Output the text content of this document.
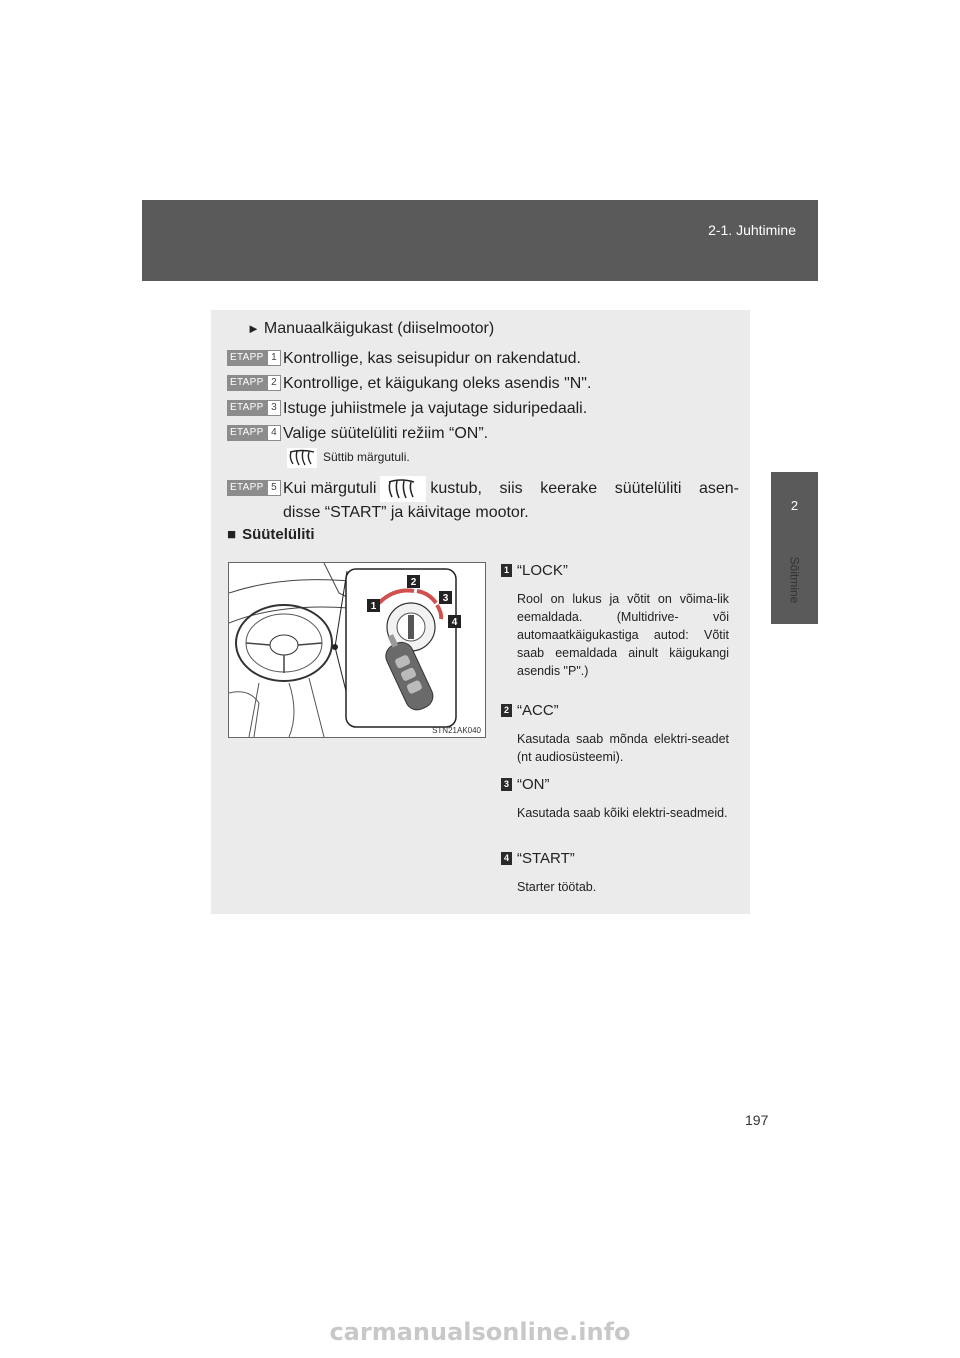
2-1. Juhtimine
2
Sõitmine
► Manuaalkäigukast (diiselmootor)
ETAPP 1 Kontrollige, kas seisupidur on rakendatud.
ETAPP 2 Kontrollige, et käigukang oleks asendis "N".
ETAPP 3 Istuge juhiistmele ja vajutage siduripedaali.
ETAPP 4 Valige süütelüliti režiim “ON”.
Süttib märgutuli.
ETAPP 5 Kui märgutuli	kustub, siis keerake süütelüliti asen-
disse “START” ja käivitage mootor.
■ Süütelüliti
1
2
3
4
STN21AK040
1 “LOCK”
Rool on lukus ja võtit on võima-lik eemaldada. (Multidrive- või automaatkäigukastiga autod: Võtit saab eemaldada ainult käigukangi asendis "P".)
2 “ACC”
Kasutada saab mõnda elektri-seadet (nt audiosüsteemi).
3 “ON”
Kasutada saab kõiki elektri-seadmeid.
4 “START”
Starter töötab.
197
carmanualsonline.info
